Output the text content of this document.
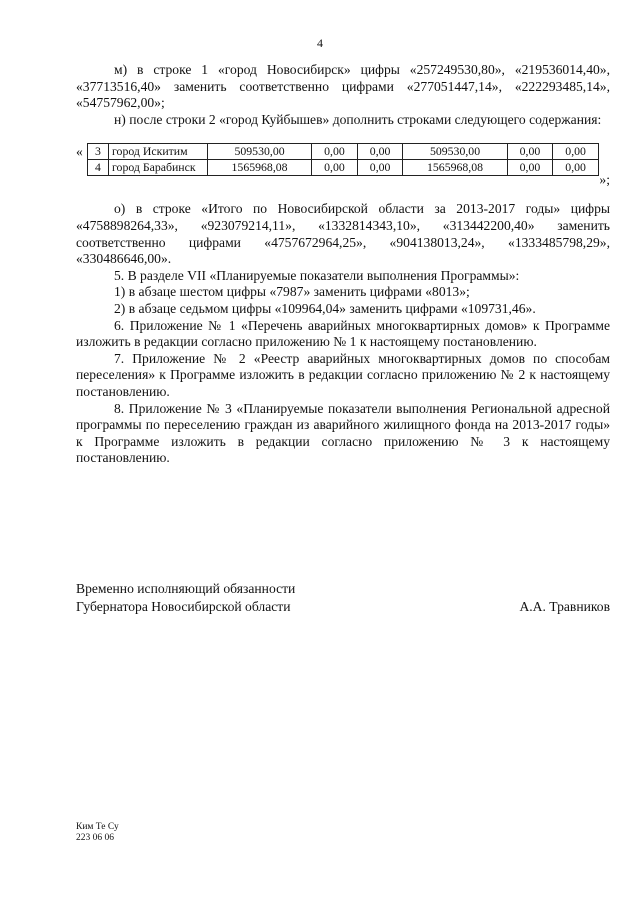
4

м) в строке 1 «город Новосибирск» цифры «257249530,80», «219536014,40», «37713516,40» заменить соответственно цифрами «277051447,14», «222293485,14», «54757962,00»;

н) после строки 2 «город Куйбышев» дополнить строками следующего содержания:

« 3	город Искитим	509530,00	0,00	0,00	509530,00	0,00	0,00
4	город Барабинск	1565968,08	0,00	0,00	1565968,08	0,00	0,00
»;

о) в строке «Итого по Новосибирской области за 2013-2017 годы» цифры «4758898264,33», «923079214,11», «1332814343,10», «313442200,40» заменить соответственно цифрами «4757672964,25», «904138013,24», «1333485798,29», «330486646,00».

5. В разделе VII «Планируемые показатели выполнения Программы»:

1) в абзаце шестом цифры «7987» заменить цифрами «8013»;

2) в абзаце седьмом цифры «109964,04» заменить цифрами «109731,46».

6. Приложение № 1 «Перечень аварийных многоквартирных домов» к Программе изложить в редакции согласно приложению № 1 к настоящему постановлению.

7. Приложение № 2 «Реестр аварийных многоквартирных домов по способам переселения» к Программе изложить в редакции согласно приложению № 2 к настоящему постановлению.

8. Приложение № 3 «Планируемые показатели выполнения Региональной адресной программы по переселению граждан из аварийного жилищного фонда на 2013-2017 годы» к Программе изложить в редакции согласно приложению № 3 к настоящему постановлению.

Временно исполняющий обязанности
Губернатора Новосибирской области	А.А. Травников
Ким Те Су
223 06 06
